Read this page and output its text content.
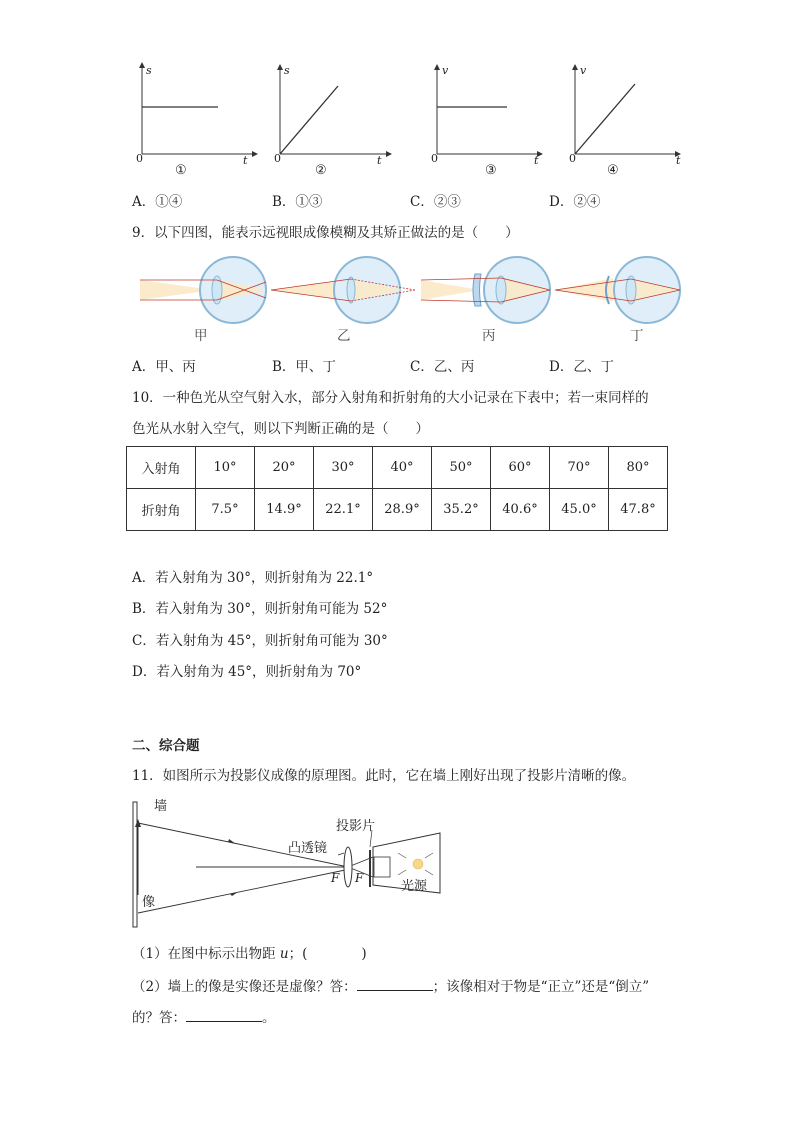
s
t
0
①
s
t
0
②
v
t
0
③
v
t
0
④
A．①④	B．①③	C．②③	D．②④
9．以下四图，能表示远视眼成像模糊及其矫正做法的是（　　）
甲	乙	丙	丁
A．甲、丙	B．甲、丁	C．乙、丙	D．乙、丁
10．一种色光从空气射入水，部分入射角和折射角的大小记录在下表中；若一束同样的
色光从水射入空气，则以下判断正确的是（　　）
入射角	10°	20°	30°	40°	50°	60°	70°	80°
折射角	7.5°	14.9°	22.1°	28.9°	35.2°	40.6°	45.0°	47.8°
A．若入射角为 30°，则折射角为 22.1°
B．若入射角为 30°，则折射角可能为 52°
C．若入射角为 45°，则折射角可能为 30°
D．若入射角为 45°，则折射角为 70°
二、综合题
11．如图所示为投影仪成像的原理图。此时，它在墙上刚好出现了投影片清晰的像。
墙
像
凸透镜
投影片
F F
光源
（1）在图中标示出物距 u；(　　　　)
（2）墙上的像是实像还是虚像？答：	；该像相对于物是“正立”还是“倒立”
的？答：	。
